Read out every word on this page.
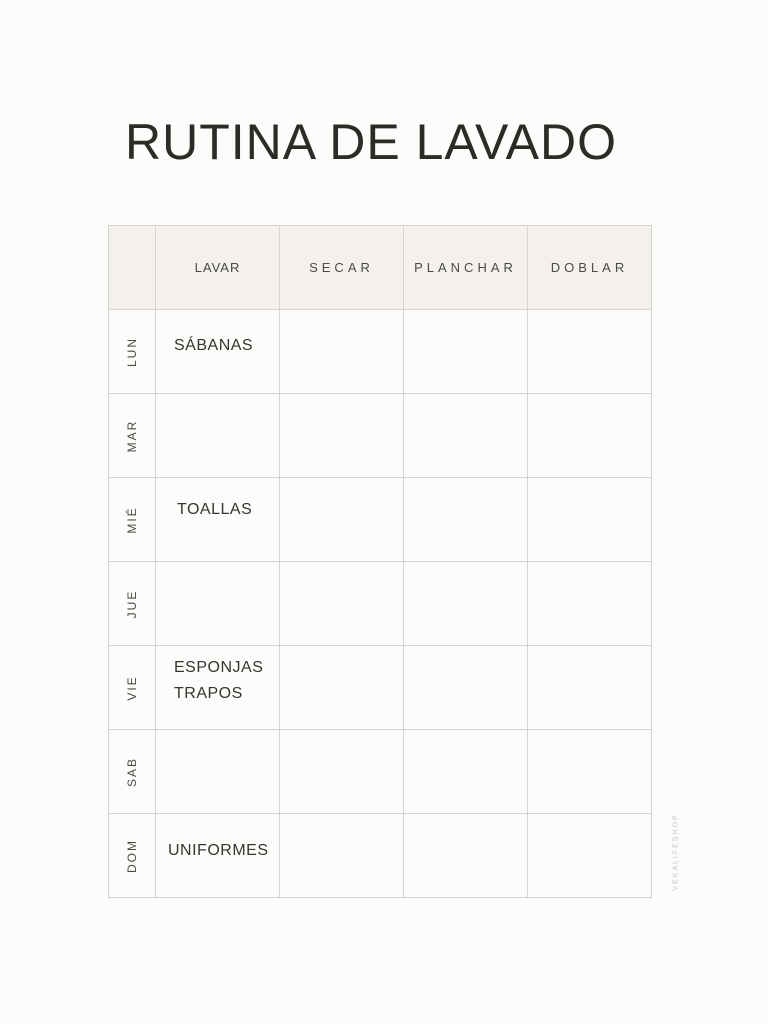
RUTINA DE LAVADO
	LAVAR	SECAR	PLANCHAR	DOBLAR

LUN	SÁBANAS			

MAR				

MIÉ	TOALLAS			

JUE				

VIE	ESPONJAS
TRAPOS			

SAB				

DOM	UNIFORMES			
				VEKALIFESHOP
